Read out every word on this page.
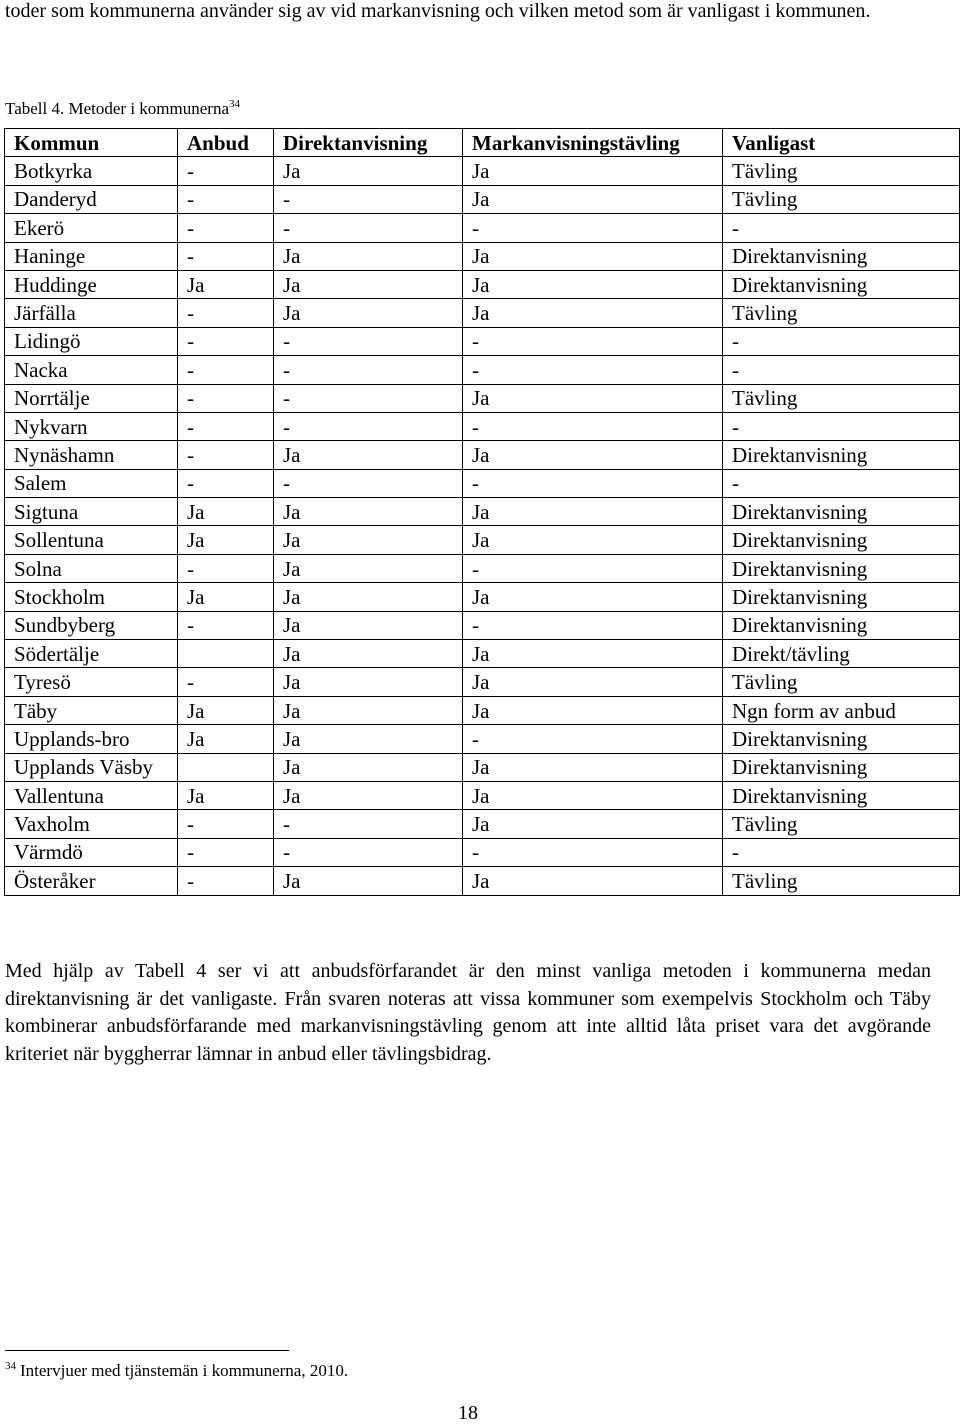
toder som kommunerna använder sig av vid markanvisning och vilken metod som är vanligast i kommunen.
Tabell 4. Metoder i kommunerna$^{34}$
Kommun	Anbud	Direktanvisning	Markanvisningstävling	Vanligast
Botkyrka	-	Ja	Ja	Tävling
Danderyd	-	-	Ja	Tävling
Ekerö	-	-	-	-
Haninge	-	Ja	Ja	Direktanvisning
Huddinge	Ja	Ja	Ja	Direktanvisning
Järfälla	-	Ja	Ja	Tävling
Lidingö	-	-	-	-
Nacka	-	-	-	-
Norrtälje	-	-	Ja	Tävling
Nykvarn	-	-	-	-
Nynäshamn	-	Ja	Ja	Direktanvisning
Salem	-	-	-	-
Sigtuna	Ja	Ja	Ja	Direktanvisning
Sollentuna	Ja	Ja	Ja	Direktanvisning
Solna	-	Ja	-	Direktanvisning
Stockholm	Ja	Ja	Ja	Direktanvisning
Sundbyberg	-	Ja	-	Direktanvisning
Södertälje		Ja	Ja	Direkt/tävling
Tyresö	-	Ja	Ja	Tävling
Täby	Ja	Ja	Ja	Ngn form av anbud
Upplands-bro	Ja	Ja	-	Direktanvisning
Upplands Väsby		Ja	Ja	Direktanvisning
Vallentuna	Ja	Ja	Ja	Direktanvisning
Vaxholm	-	-	Ja	Tävling
Värmdö	-	-	-	-
Österåker	-	Ja	Ja	Tävling
Med hjälp av Tabell 4 ser vi att anbudsförfarandet är den minst vanliga metoden i kommunerna medan direktanvisning är det vanligaste. Från svaren noteras att vissa kommuner som exempelvis Stockholm och Täby kombinerar anbudsförfarande med markanvisningstävling genom att inte alltid låta priset vara det avgörande kriteriet när byggherrar lämnar in anbud eller tävlingsbidrag.
$^{34}$ Intervjuer med tjänstemän i kommunerna, 2010.
18
